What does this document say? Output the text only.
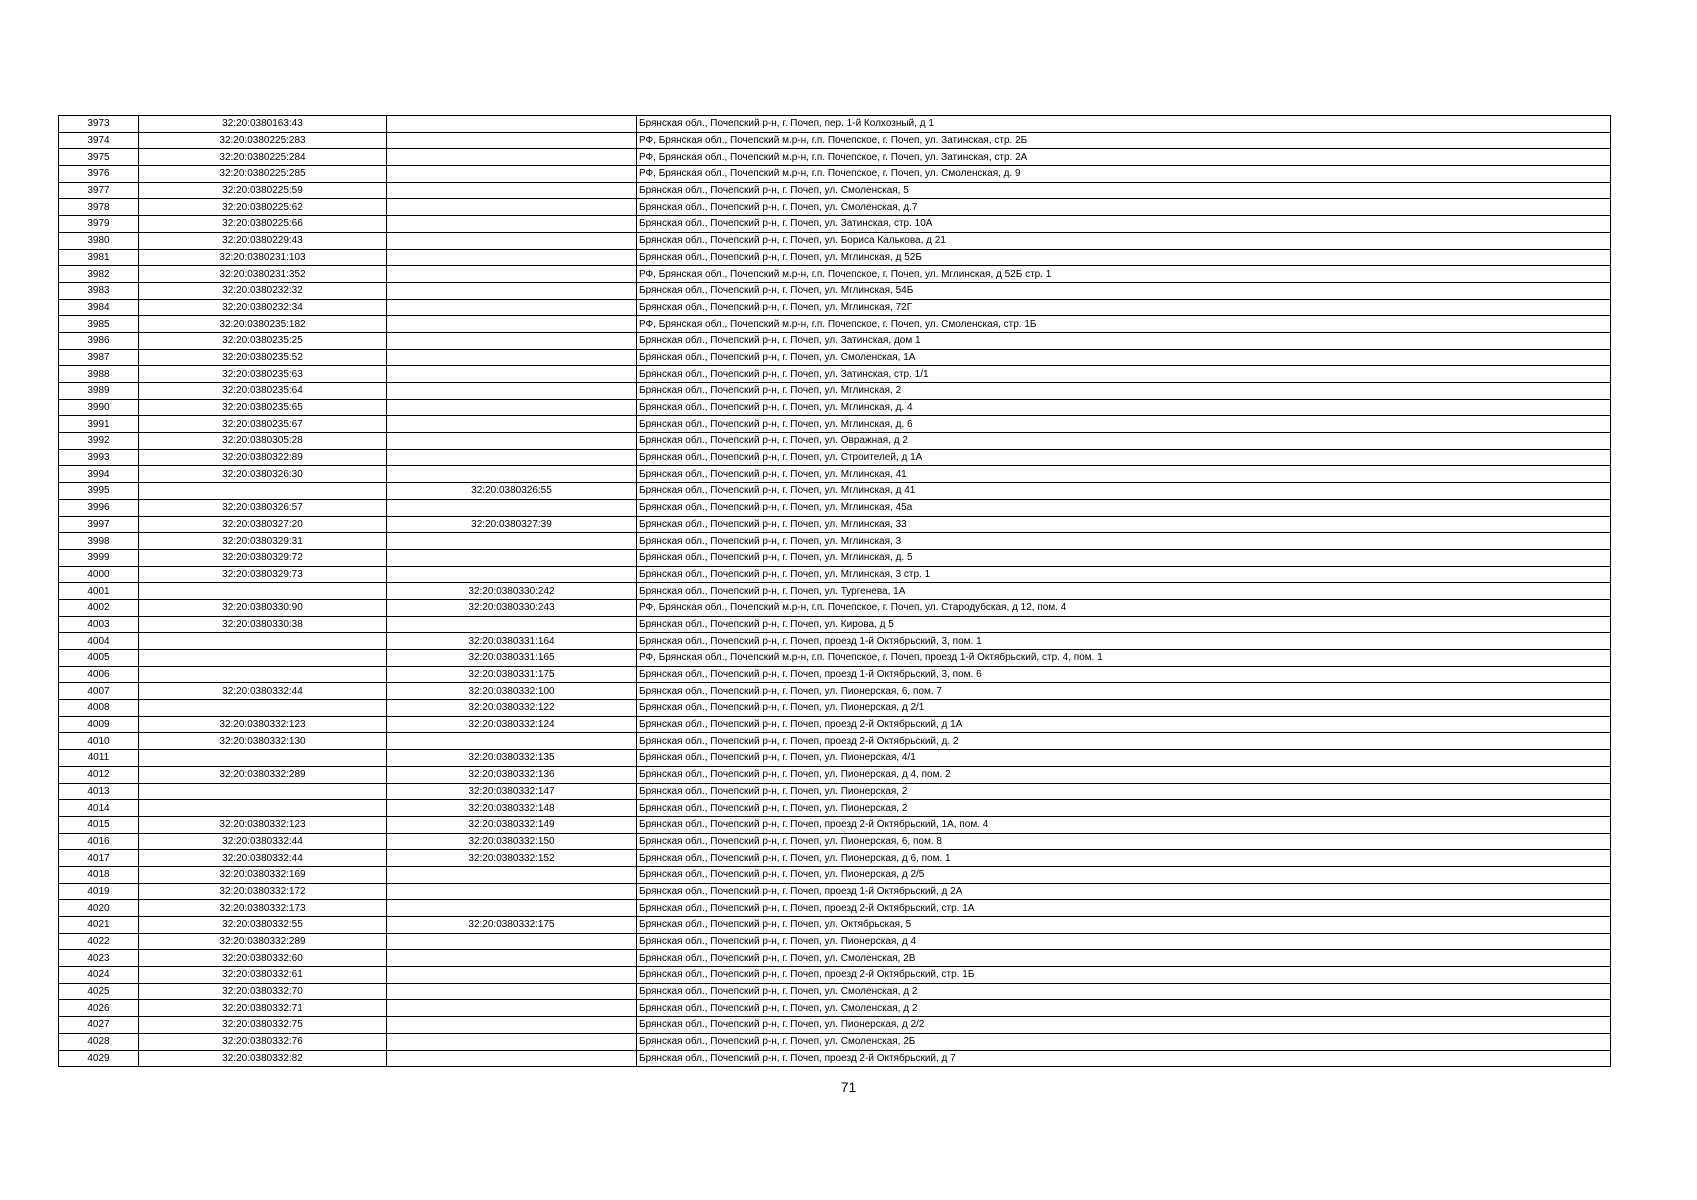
3973	32:20:0380163:43		Брянская обл., Почепский р-н, г. Почеп, пер. 1-й Колхозный, д 1
3974	32:20:0380225:283		РФ, Брянская обл., Почепский м.р-н, г.п. Почепское, г. Почеп, ул. Затинская, стр. 2Б
3975	32:20:0380225:284		РФ, Брянская обл., Почепский м.р-н, г.п. Почепское, г. Почеп, ул. Затинская, стр. 2А
3976	32:20:0380225:285		РФ, Брянская обл., Почепский м.р-н, г.п. Почепское, г. Почеп, ул. Смоленская, д. 9
3977	32:20:0380225:59		Брянская обл., Почепский р-н, г. Почеп, ул. Смоленская, 5
3978	32:20:0380225:62		Брянская обл., Почепский р-н, г. Почеп, ул. Смоленская, д.7
3979	32:20:0380225:66		Брянская обл., Почепский р-н, г. Почеп, ул. Затинская, стр. 10А
3980	32:20:0380229:43		Брянская обл., Почепский р-н, г. Почеп, ул. Бориса Калькова, д 21
3981	32:20:0380231:103		Брянская обл., Почепский р-н, г. Почеп, ул. Мглинская, д 52Б
3982	32:20:0380231:352		РФ, Брянская обл., Почепский м.р-н, г.п. Почепское, г. Почеп, ул. Мглинская, д 52Б стр. 1
3983	32:20:0380232:32		Брянская обл., Почепский р-н, г. Почеп, ул. Мглинская, 54Б
3984	32:20:0380232:34		Брянская обл., Почепский р-н, г. Почеп, ул. Мглинская, 72Г
3985	32:20:0380235:182		РФ, Брянская обл., Почепский м.р-н, г.п. Почепское, г. Почеп, ул. Смоленская, стр. 1Б
3986	32:20:0380235:25		Брянская обл., Почепский р-н, г. Почеп, ул. Затинская, дом 1
3987	32:20:0380235:52		Брянская обл., Почепский р-н, г. Почеп, ул. Смоленская, 1А
3988	32:20:0380235:63		Брянская обл., Почепский р-н, г. Почеп, ул. Затинская, стр. 1/1
3989	32:20:0380235:64		Брянская обл., Почепский р-н, г. Почеп, ул. Мглинская, 2
3990	32:20:0380235:65		Брянская обл., Почепский р-н, г. Почеп, ул. Мглинская, д. 4
3991	32:20:0380235:67		Брянская обл., Почепский р-н, г. Почеп, ул. Мглинская, д. 6
3992	32:20:0380305:28		Брянская обл., Почепский р-н, г. Почеп, ул. Овражная, д 2
3993	32:20:0380322:89		Брянская обл., Почепский р-н, г. Почеп, ул. Строителей, д 1А
3994	32:20:0380326:30		Брянская обл., Почепский р-н, г. Почеп, ул. Мглинская, 41
3995		32:20:0380326:55	Брянская обл., Почепский р-н, г. Почеп, ул. Мглинская, д 41
3996	32:20:0380326:57		Брянская обл., Почепский р-н, г. Почеп, ул. Мглинская, 45а
3997	32:20:0380327:20	32:20:0380327:39	Брянская обл., Почепский р-н, г. Почеп, ул. Мглинская, 33
3998	32:20:0380329:31		Брянская обл., Почепский р-н, г. Почеп, ул. Мглинская, 3
3999	32:20:0380329:72		Брянская обл., Почепский р-н, г. Почеп, ул. Мглинская, д. 5
4000	32:20:0380329:73		Брянская обл., Почепский р-н, г. Почеп, ул. Мглинская, 3 стр. 1
4001		32:20:0380330:242	Брянская обл., Почепский р-н, г. Почеп, ул. Тургенева, 1А
4002	32:20:0380330:90	32:20:0380330:243	РФ, Брянская обл., Почепский м.р-н, г.п. Почепское, г. Почеп, ул. Стародубская, д 12, пом. 4
4003	32:20:0380330:38		Брянская обл., Почепский р-н, г. Почеп, ул. Кирова, д 5
4004		32:20:0380331:164	Брянская обл., Почепский р-н, г. Почеп, проезд 1-й Октябрьский, 3, пом. 1
4005		32:20:0380331:165	РФ, Брянская обл., Почепский м.р-н, г.п. Почепское, г. Почеп, проезд 1-й Октябрьский, стр. 4, пом. 1
4006		32:20:0380331:175	Брянская обл., Почепский р-н, г. Почеп, проезд 1-й Октябрьский, 3, пом. 6
4007	32:20:0380332:44	32:20:0380332:100	Брянская обл., Почепский р-н, г. Почеп, ул. Пионерская, 6, пом. 7
4008		32:20:0380332:122	Брянская обл., Почепский р-н, г. Почеп, ул. Пионерская, д 2/1
4009	32:20:0380332:123	32:20:0380332:124	Брянская обл., Почепский р-н, г. Почеп, проезд 2-й Октябрьский, д 1А
4010	32:20:0380332:130		Брянская обл., Почепский р-н, г. Почеп, проезд 2-й Октябрьский, д. 2
4011		32:20:0380332:135	Брянская обл., Почепский р-н, г. Почеп, ул. Пионерская, 4/1
4012	32:20:0380332:289	32:20:0380332:136	Брянская обл., Почепский р-н, г. Почеп, ул. Пионерская, д 4, пом. 2
4013		32:20:0380332:147	Брянская обл., Почепский р-н, г. Почеп, ул. Пионерская, 2
4014		32:20:0380332:148	Брянская обл., Почепский р-н, г. Почеп, ул. Пионерская, 2
4015	32:20:0380332:123	32:20:0380332:149	Брянская обл., Почепский р-н, г. Почеп, проезд 2-й Октябрьский, 1А, пом. 4
4016	32:20:0380332:44	32:20:0380332:150	Брянская обл., Почепский р-н, г. Почеп, ул. Пионерская, 6, пом. 8
4017	32:20:0380332:44	32:20:0380332:152	Брянская обл., Почепский р-н, г. Почеп, ул. Пионерская, д 6, пом. 1
4018	32:20:0380332:169		Брянская обл., Почепский р-н, г. Почеп, ул. Пионерская, д 2/5
4019	32:20:0380332:172		Брянская обл., Почепский р-н, г. Почеп, проезд 1-й Октябрьский, д 2А
4020	32:20:0380332:173		Брянская обл., Почепский р-н, г. Почеп, проезд 2-й Октябрьский, стр. 1А
4021	32:20:0380332:55	32:20:0380332:175	Брянская обл., Почепский р-н, г. Почеп, ул. Октябрьская, 5
4022	32:20:0380332:289		Брянская обл., Почепский р-н, г. Почеп, ул. Пионерская, д 4
4023	32:20:0380332:60		Брянская обл., Почепский р-н, г. Почеп, ул. Смоленская, 2В
4024	32:20:0380332:61		Брянская обл., Почепский р-н, г. Почеп, проезд 2-й Октябрьский, стр. 1Б
4025	32:20:0380332:70		Брянская обл., Почепский р-н, г. Почеп, ул. Смоленская, д 2
4026	32:20:0380332:71		Брянская обл., Почепский р-н, г. Почеп, ул. Смоленская, д 2
4027	32:20:0380332:75		Брянская обл., Почепский р-н, г. Почеп, ул. Пионерская, д 2/2
4028	32:20:0380332:76		Брянская обл., Почепский р-н, г. Почеп, ул. Смоленская, 2Б
4029	32:20:0380332:82		Брянская обл., Почепский р-н, г. Почеп, проезд 2-й Октябрьский, д 7
71
